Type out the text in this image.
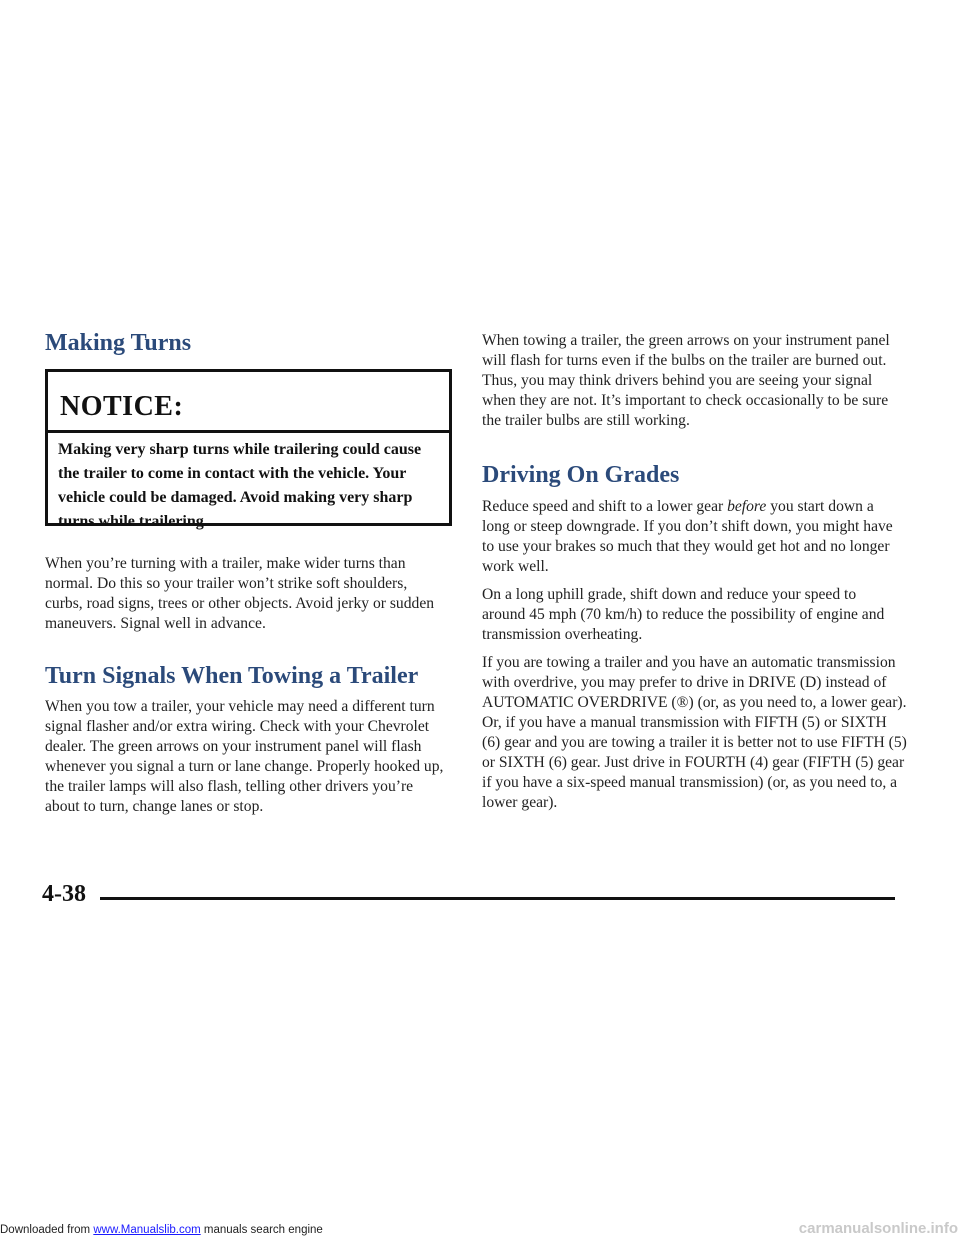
Making Turns

NOTICE:

Making very sharp turns while trailering could cause the trailer to come in contact with the vehicle. Your vehicle could be damaged. Avoid making very sharp turns while trailering.

When you’re turning with a trailer, make wider turns than normal. Do this so your trailer won’t strike soft shoulders, curbs, road signs, trees or other objects. Avoid jerky or sudden maneuvers. Signal well in advance.

Turn Signals When Towing a Trailer

When you tow a trailer, your vehicle may need a different turn signal flasher and/or extra wiring. Check with your Chevrolet dealer. The green arrows on your instrument panel will flash whenever you signal a turn or lane change. Properly hooked up, the trailer lamps will also flash, telling other drivers you’re about to turn, change lanes or stop.

When towing a trailer, the green arrows on your instrument panel will flash for turns even if the bulbs on the trailer are burned out. Thus, you may think drivers behind you are seeing your signal when they are not. It’s important to check occasionally to be sure the trailer bulbs are still working.

Driving On Grades

Reduce speed and shift to a lower gear before you start down a long or steep downgrade. If you don’t shift down, you might have to use your brakes so much that they would get hot and no longer work well.

On a long uphill grade, shift down and reduce your speed to around 45 mph (70 km/h) to reduce the possibility of engine and transmission overheating.

If you are towing a trailer and you have an automatic transmission with overdrive, you may prefer to drive in DRIVE (D) instead of AUTOMATIC OVERDRIVE (®) (or, as you need to, a lower gear). Or, if you have a manual transmission with FIFTH (5) or SIXTH (6) gear and you are towing a trailer it is better not to use FIFTH (5) or SIXTH (6) gear. Just drive in FOURTH (4) gear (FIFTH (5) gear if you have a six-speed manual transmission) (or, as you need to, a lower gear).

4-38

Downloaded from www.Manualslib.com manuals search engine	carmanualsonline.info
